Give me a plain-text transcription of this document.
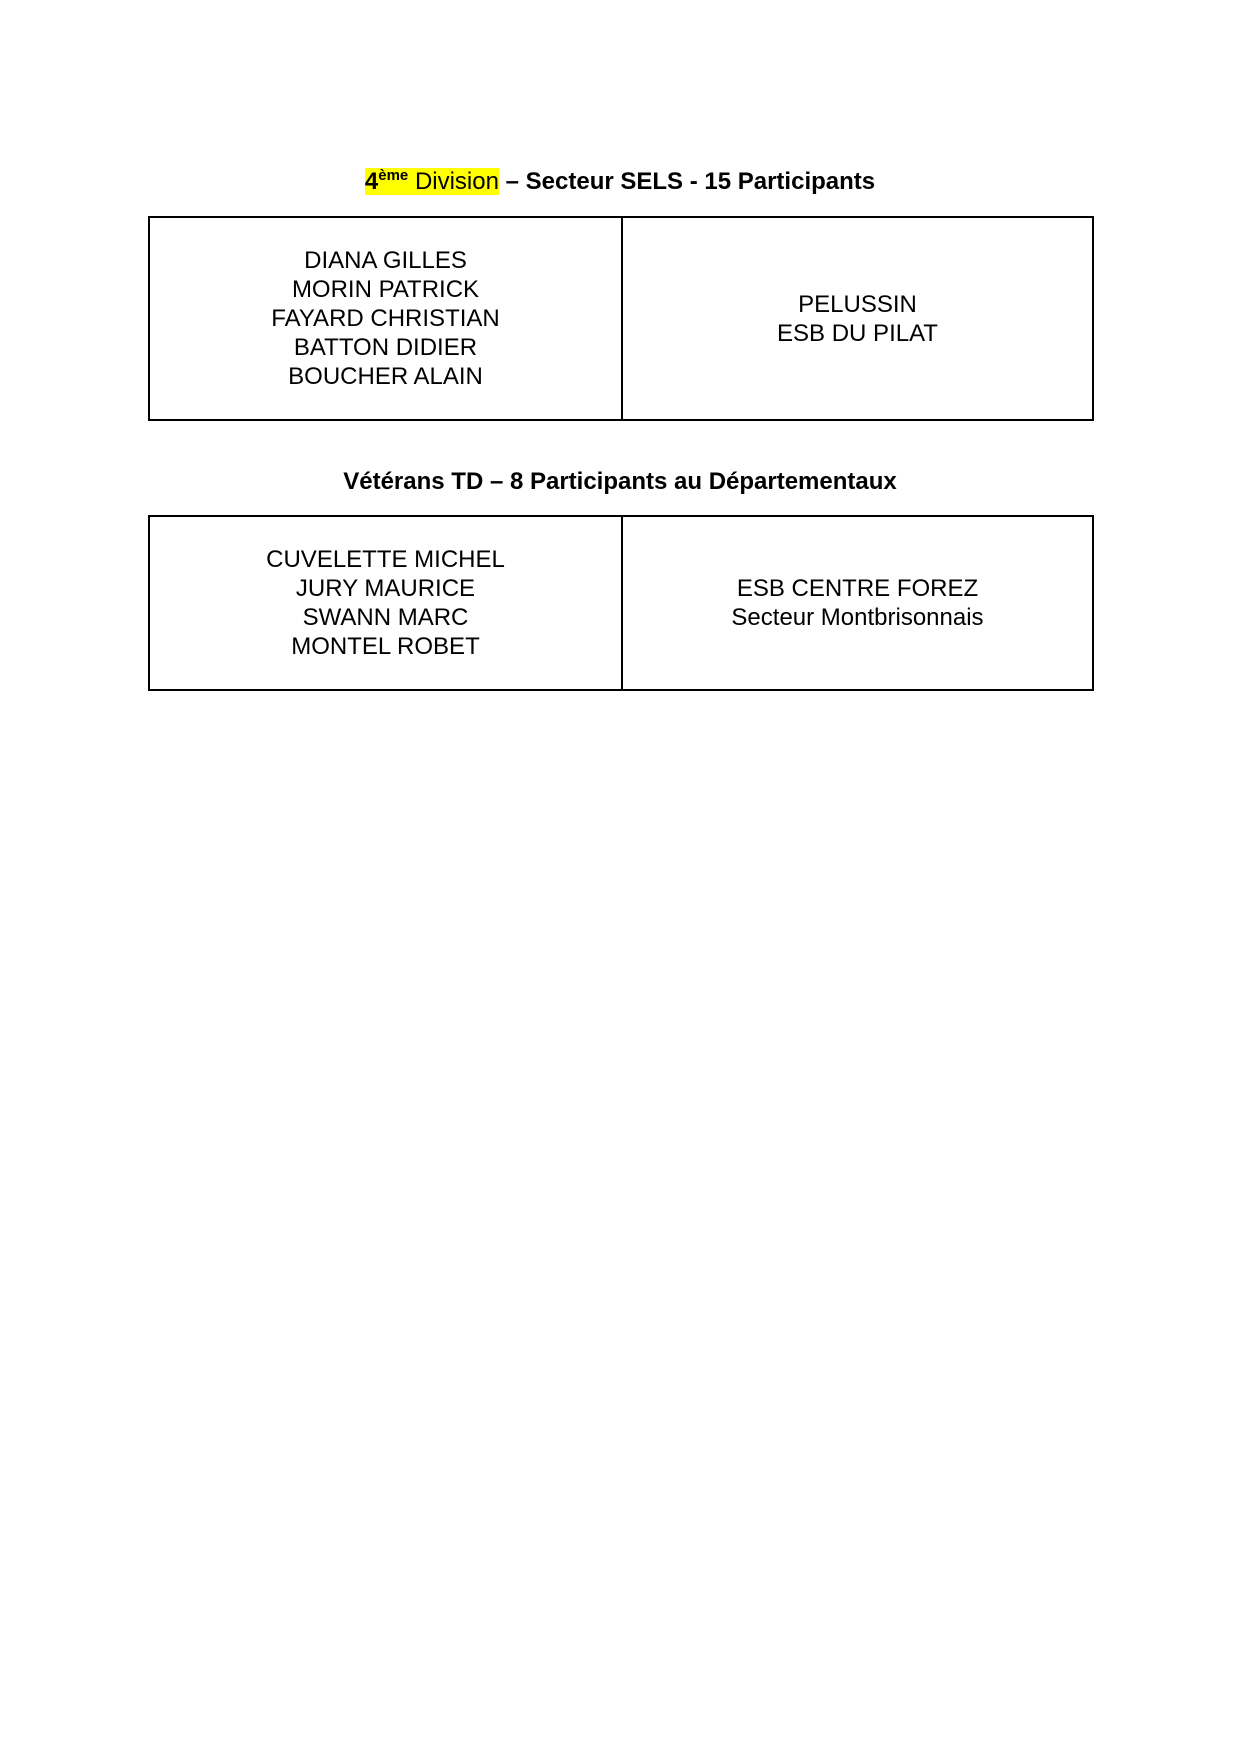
4ème Division – Secteur SELS - 15 Participants
DIANA GILLES
MORIN PATRICK
FAYARD CHRISTIAN
BATTON DIDIER
BOUCHER ALAIN
PELUSSIN
ESB DU PILAT
Vétérans TD – 8 Participants au Départementaux
CUVELETTE MICHEL
JURY MAURICE
SWANN MARC
MONTEL ROBET
ESB CENTRE FOREZ
Secteur Montbrisonnais
